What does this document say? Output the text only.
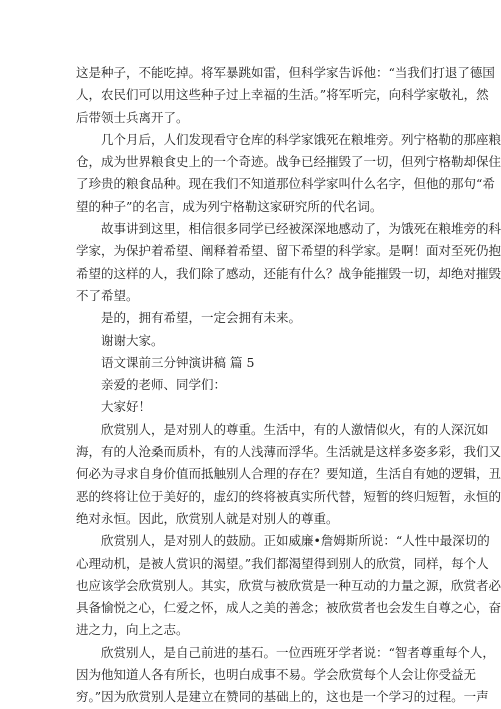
这是种子，不能吃掉。将军暴跳如雷，但科学家告诉他：“当我们打退了德国
人，农民们可以用这些种子过上幸福的生活。”将军听完，向科学家敬礼，然
后带领士兵离开了。
几个月后，人们发现看守仓库的科学家饿死在粮堆旁。列宁格勒的那座粮
仓，成为世界粮食史上的一个奇迹。战争已经摧毁了一切，但列宁格勒却保住
了珍贵的粮食品种。现在我们不知道那位科学家叫什么名字，但他的那句“希
望的种子”的名言，成为列宁格勒这家研究所的代名词。
故事讲到这里，相信很多同学已经被深深地感动了，为饿死在粮堆旁的科
学家，为保护着希望、阐释着希望、留下希望的科学家。是啊！面对至死仍抱
希望的这样的人，我们除了感动，还能有什么？战争能摧毁一切，却绝对摧毁
不了希望。
是的，拥有希望，一定会拥有未来。
谢谢大家。
语文课前三分钟演讲稿 篇 5
亲爱的老师、同学们：
大家好！
欣赏别人，是对别人的尊重。生活中，有的人激情似火，有的人深沉如
海，有的人沧桑而质朴，有的人浅薄而浮华。生活就是这样多姿多彩，我们又
何必为寻求自身价值而抵触别人合理的存在？要知道，生活自有她的逻辑，丑
恶的终将让位于美好的，虚幻的终将被真实所代替，短暂的终归短暂，永恒的
绝对永恒。因此，欣赏别人就是对别人的尊重。
欣赏别人，是对别人的鼓励。正如威廉•詹姆斯所说：“人性中最深切的
心理动机，是被人赏识的渴望。”我们都渴望得到别人的欣赏，同样，每个人
也应该学会欣赏别人。其实，欣赏与被欣赏是一种互动的力量之源，欣赏者必
具备愉悦之心，仁爱之怀，成人之美的善念；被欣赏者也会发生自尊之心，奋
进之力，向上之志。
欣赏别人，是自己前进的基石。一位西班牙学者说：“智者尊重每个人，
因为他知道人各有所长，也明白成事不易。学会欣赏每个人会让你受益无
穷。”因为欣赏别人是建立在赞同的基础上的，这也是一个学习的过程。一声
